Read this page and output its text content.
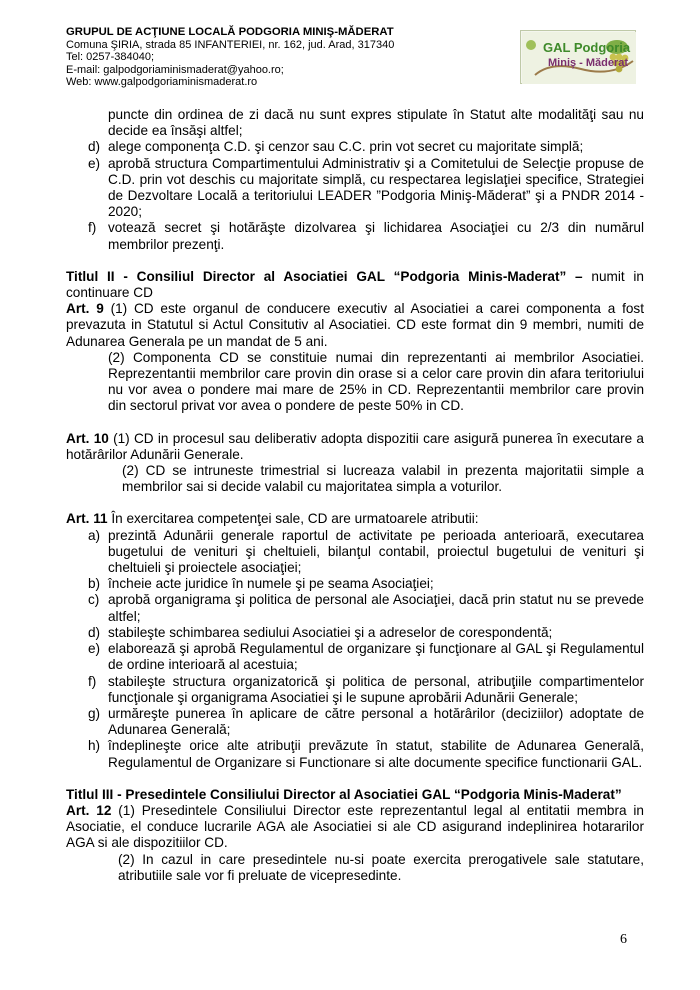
GRUPUL DE ACŢIUNE LOCALĂ PODGORIA MINIŞ-MĂDERAT
Comuna ŞIRIA, strada 85 INFANTERIEI, nr. 162, jud. Arad, 317340
Tel: 0257-384040;
E-mail: galpodgoriaminismaderat@yahoo.ro;
Web: www.galpodgoriaminismaderat.ro
GAL Podgoria
Miniş - Măderat

puncte din ordinea de zi dacă nu sunt expres stipulate în Statut alte modalităţi sau nu decide ea însăşi altfel;

d) alege componenţa C.D. şi cenzor sau C.C. prin vot secret cu majoritate simplă;
e) aprobă structura Compartimentului Administrativ şi a Comitetului de Selecţie propuse de C.D. prin vot deschis cu majoritate simplă, cu respectarea legislaţiei specifice, Strategiei de Dezvoltare Locală a teritoriului LEADER ”Podgoria Miniş-Măderat” şi a PNDR 2014 - 2020;
f) votează secret şi hotărăşte dizolvarea şi lichidarea Asociaţiei cu 2/3 din numărul membrilor prezenţi.

Titlul II - Consiliul Director al Asociatiei GAL “Podgoria Minis-Maderat” – numit in continuare CD

Art. 9 (1) CD este organul de conducere executiv al Asociatiei a carei componenta a fost prevazuta in Statutul si Actul Consitutiv al Asociatiei. CD este format din 9 membri, numiti de Adunarea Generala pe un mandat de 5 ani.

(2) Componenta CD se constituie numai din reprezentanti ai membrilor Asociatiei. Reprezentantii membrilor care provin din orase si a celor care provin din afara teritoriului nu vor avea o pondere mai mare de 25% in CD. Reprezentantii membrilor care provin din sectorul privat vor avea o pondere de peste 50% in CD.

Art. 10 (1) CD in procesul sau deliberativ adopta dispozitii care asigură punerea în executare a hotărârilor Adunării Generale.

(2) CD se intruneste trimestrial si lucreaza valabil in prezenta majoritatii simple a membrilor sai si decide valabil cu majoritatea simpla a voturilor.

Art. 11 În exercitarea competenţei sale, CD are urmatoarele atributii:

a) prezintă Adunării generale raportul de activitate pe perioada anterioară, executarea bugetului de venituri şi cheltuieli, bilanţul contabil, proiectul bugetului de venituri şi cheltuieli şi proiectele asociaţiei;
b) încheie acte juridice în numele şi pe seama Asociaţiei;
c) aprobă organigrama şi politica de personal ale Asociaţiei, dacă prin statut nu se prevede altfel;
d) stabileşte schimbarea sediului Asociatiei şi a adreselor de corespondentă;
e) elaborează şi aprobă Regulamentul de organizare şi funcţionare al GAL şi Regulamentul de ordine interioară al acestuia;
f) stabileşte structura organizatorică şi politica de personal, atribuţiile compartimentelor funcţionale şi organigrama Asociatiei şi le supune aprobării Adunării Generale;
g) urmăreşte punerea în aplicare de către personal a hotărârilor (deciziilor) adoptate de Adunarea Generală;
h) îndeplineşte orice alte atribuţii prevăzute în statut, stabilite de Adunarea Generală, Regulamentul de Organizare si Functionare si alte documente specifice functionarii GAL.

Titlul III - Presedintele Consiliului Director al Asociatiei GAL “Podgoria Minis-Maderat”

Art. 12 (1) Presedintele Consiliului Director este reprezentantul legal al entitatii membra in Asociatie, el conduce lucrarile AGA ale Asociatiei si ale CD asigurand indeplinirea hotararilor AGA si ale dispozitiilor CD.

(2) In cazul in care presedintele nu-si poate exercita prerogativele sale statutare, atributiile sale vor fi preluate de vicepresedinte.

6
